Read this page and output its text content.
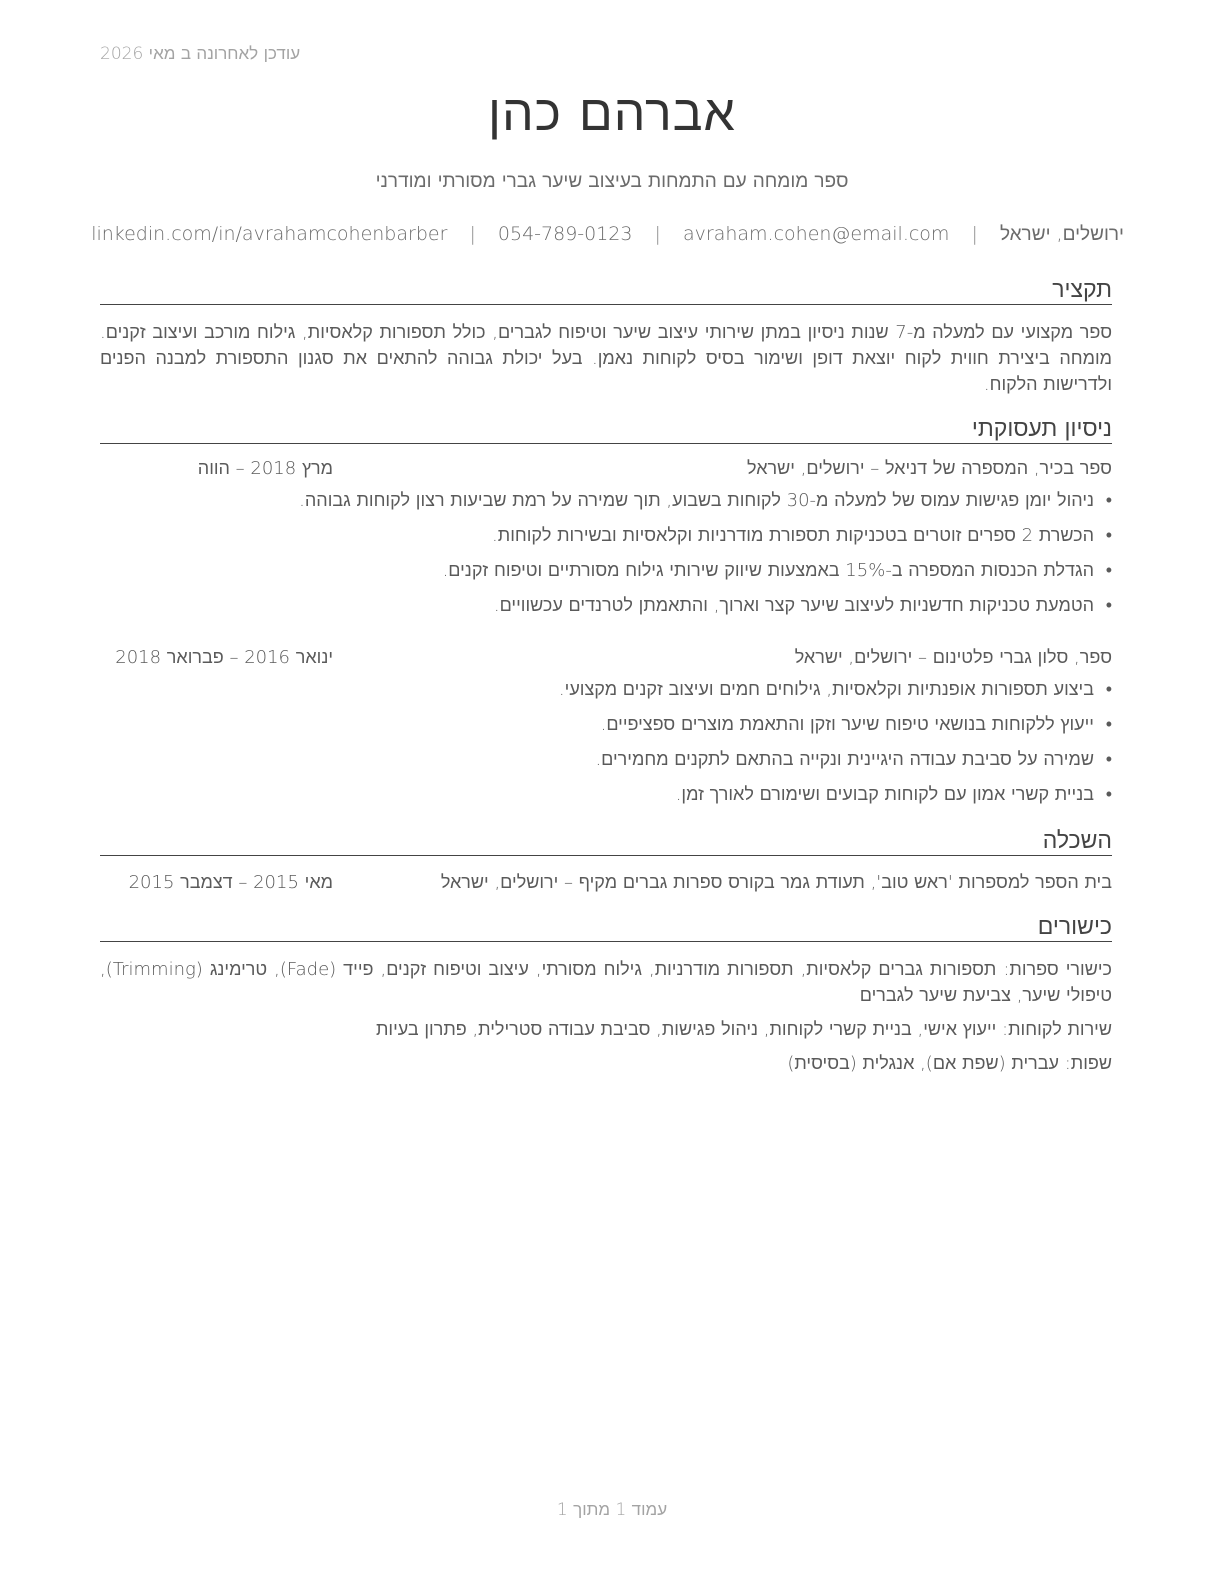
עודכן לאחרונה ב מאי 2026
אברהם כהן
ספר מומחה עם התמחות בעיצוב שיער גברי מסורתי ומודרני
ירושלים, ישראל | avraham.cohen@email.com | 054-789-0123 | linkedin.com/in/avrahamcohenbarber
תקציר
ספר מקצועי עם למעלה מ-7 שנות ניסיון במתן שירותי עיצוב שיער וטיפוח לגברים, כולל תספורות קלאסיות, גילוח מורכב ועיצוב זקנים. מומחה ביצירת חווית לקוח יוצאת דופן ושימור בסיס לקוחות נאמן. בעל יכולת גבוהה להתאים את סגנון התספורת למבנה הפנים ולדרישות הלקוח.
ניסיון תעסוקתי
ספר בכיר, המספרה של דניאל – ירושלים, ישראל
מרץ 2018 – הווה
• ניהול יומן פגישות עמוס של למעלה מ-30 לקוחות בשבוע, תוך שמירה על רמת שביעות רצון לקוחות גבוהה.
• הכשרת 2 ספרים זוטרים בטכניקות תספורת מודרניות וקלאסיות ובשירות לקוחות.
• הגדלת הכנסות המספרה ב-15% באמצעות שיווק שירותי גילוח מסורתיים וטיפוח זקנים.
• הטמעת טכניקות חדשניות לעיצוב שיער קצר וארוך, והתאמתן לטרנדים עכשוויים.
ספר, סלון גברי פלטינום – ירושלים, ישראל
ינואר 2016 – פברואר 2018
• ביצוע תספורות אופנתיות וקלאסיות, גילוחים חמים ועיצוב זקנים מקצועי.
• ייעוץ ללקוחות בנושאי טיפוח שיער וזקן והתאמת מוצרים ספציפיים.
• שמירה על סביבת עבודה היגיינית ונקייה בהתאם לתקנים מחמירים.
• בניית קשרי אמון עם לקוחות קבועים ושימורם לאורך זמן.
השכלה
בית הספר למספרות 'ראש טוב', תעודת גמר בקורס ספרות גברים מקיף – ירושלים, ישראל
מאי 2015 – דצמבר 2015
כישורים
כישורי ספרות: תספורות גברים קלאסיות, תספורות מודרניות, גילוח מסורתי, עיצוב וטיפוח זקנים, פייד (Fade), טרימינג (Trimming), טיפולי שיער, צביעת שיער לגברים
שירות לקוחות: ייעוץ אישי, בניית קשרי לקוחות, ניהול פגישות, סביבת עבודה סטרילית, פתרון בעיות
שפות: עברית (שפת אם), אנגלית (בסיסית)
עמוד 1 מתוך 1
